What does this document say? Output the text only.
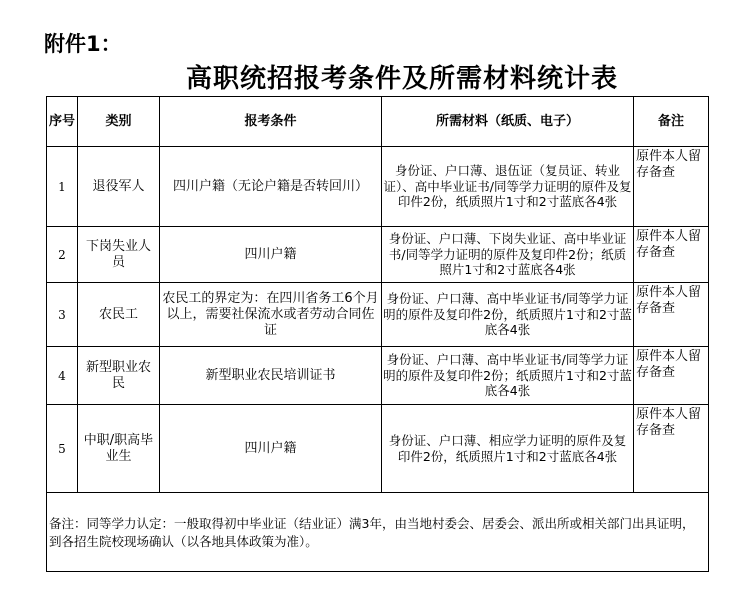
附件1：
高职统招报考条件及所需材料统计表
序号	类别	报考条件	所需材料（纸质、电子）	备注
1	退役军人	四川户籍（无论户籍是否转回川）	身份证、户口薄、退伍证（复员证、转业证）、高中毕业证书/同等学力证明的原件及复印件2份，纸质照片1寸和2寸蓝底各4张	原件本人留存备查
2	下岗失业人员	四川户籍	身份证、户口薄、下岗失业证、高中毕业证书/同等学力证明的原件及复印件2份；纸质照片1寸和2寸蓝底各4张	原件本人留存备查
3	农民工	农民工的界定为：在四川省务工6个月以上，需要社保流水或者劳动合同佐证	身份证、户口薄、高中毕业证书/同等学力证明的原件及复印件2份，纸质照片1寸和2寸蓝底各4张	原件本人留存备查
4	新型职业农民	新型职业农民培训证书	身份证、户口薄、高中毕业证书/同等学力证明的原件及复印件2份；纸质照片1寸和2寸蓝底各4张	原件本人留存备查
5	中职/职高毕业生	四川户籍	身份证、户口薄、相应学力证明的原件及复印件2份，纸质照片1寸和2寸蓝底各4张	原件本人留存备查
备注：同等学力认定：一般取得初中毕业证（结业证）满3年，由当地村委会、居委会、派出所或相关部门出具证明，到各招生院校现场确认（以各地具体政策为准）。				
